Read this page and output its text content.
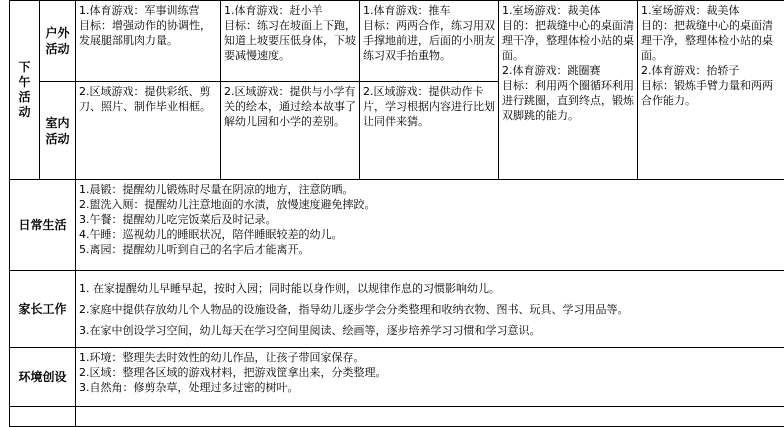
下午活动	户外活动	1.体育游戏：军事训练营
目标：增强动作的协调性，发展腿部肌肉力量。	1.体育游戏：赶小羊
目标：练习在坡面上下跑，知道上坡要压低身体，下坡要减慢速度。	1.体育游戏：推车
目标：两两合作，练习用双手撑地前进，后面的小朋友练习双手抬重物。	1.室场游戏：裁美体
目的：把裁缝中心的桌面清理干净，整理体检小站的桌面。
2.体育游戏：跳圈赛
目标：利用两个圈循环利用进行跳圈，直到终点，锻炼双脚跳的能力。	1.室场游戏：裁美体
目的：把裁缝中心的桌面清理干净，整理体检小站的桌面。
2.体育游戏：抬轿子
目标：锻炼手臂力量和两两合作能力。

	室内活动	2.区域游戏：提供彩纸、剪刀、照片、制作毕业相框。	2.区域游戏：提供与小学有关的绘本，通过绘本故事了解幼儿园和小学的差别。	2.区域游戏：提供动作卡片，学习根据内容进行比划让同伴来猜。		

日常生活		1.晨锻：提醒幼儿锻炼时尽量在阴凉的地方，注意防晒。
2.盥洗入厕：提醒幼儿注意地面的水渍，放慢速度避免摔跤。
3.午餐：提醒幼儿吃完饭菜后及时记录。
4.午睡：巡视幼儿的睡眠状况，陪伴睡眠较差的幼儿。
5.离园：提醒幼儿听到自己的名字后才能离开。				

家长工作		1. 在家提醒幼儿早睡早起，按时入园；同时能以身作则，以规律作息的习惯影响幼儿。
2.家庭中提供存放幼儿个人物品的设施设备，指导幼儿逐步学会分类整理和收纳衣物、图书、玩具、学习用品等。
3.在家中创设学习空间，幼儿每天在学习空间里阅读、绘画等，逐步培养学习习惯和学习意识。				

环境创设		1.环境：整理失去时效性的幼儿作品，让孩子带回家保存。
2.区域：整理各区域的游戏材料，把游戏筐拿出来，分类整理。
3.自然角：修剪杂草，处理过多过密的树叶。				
